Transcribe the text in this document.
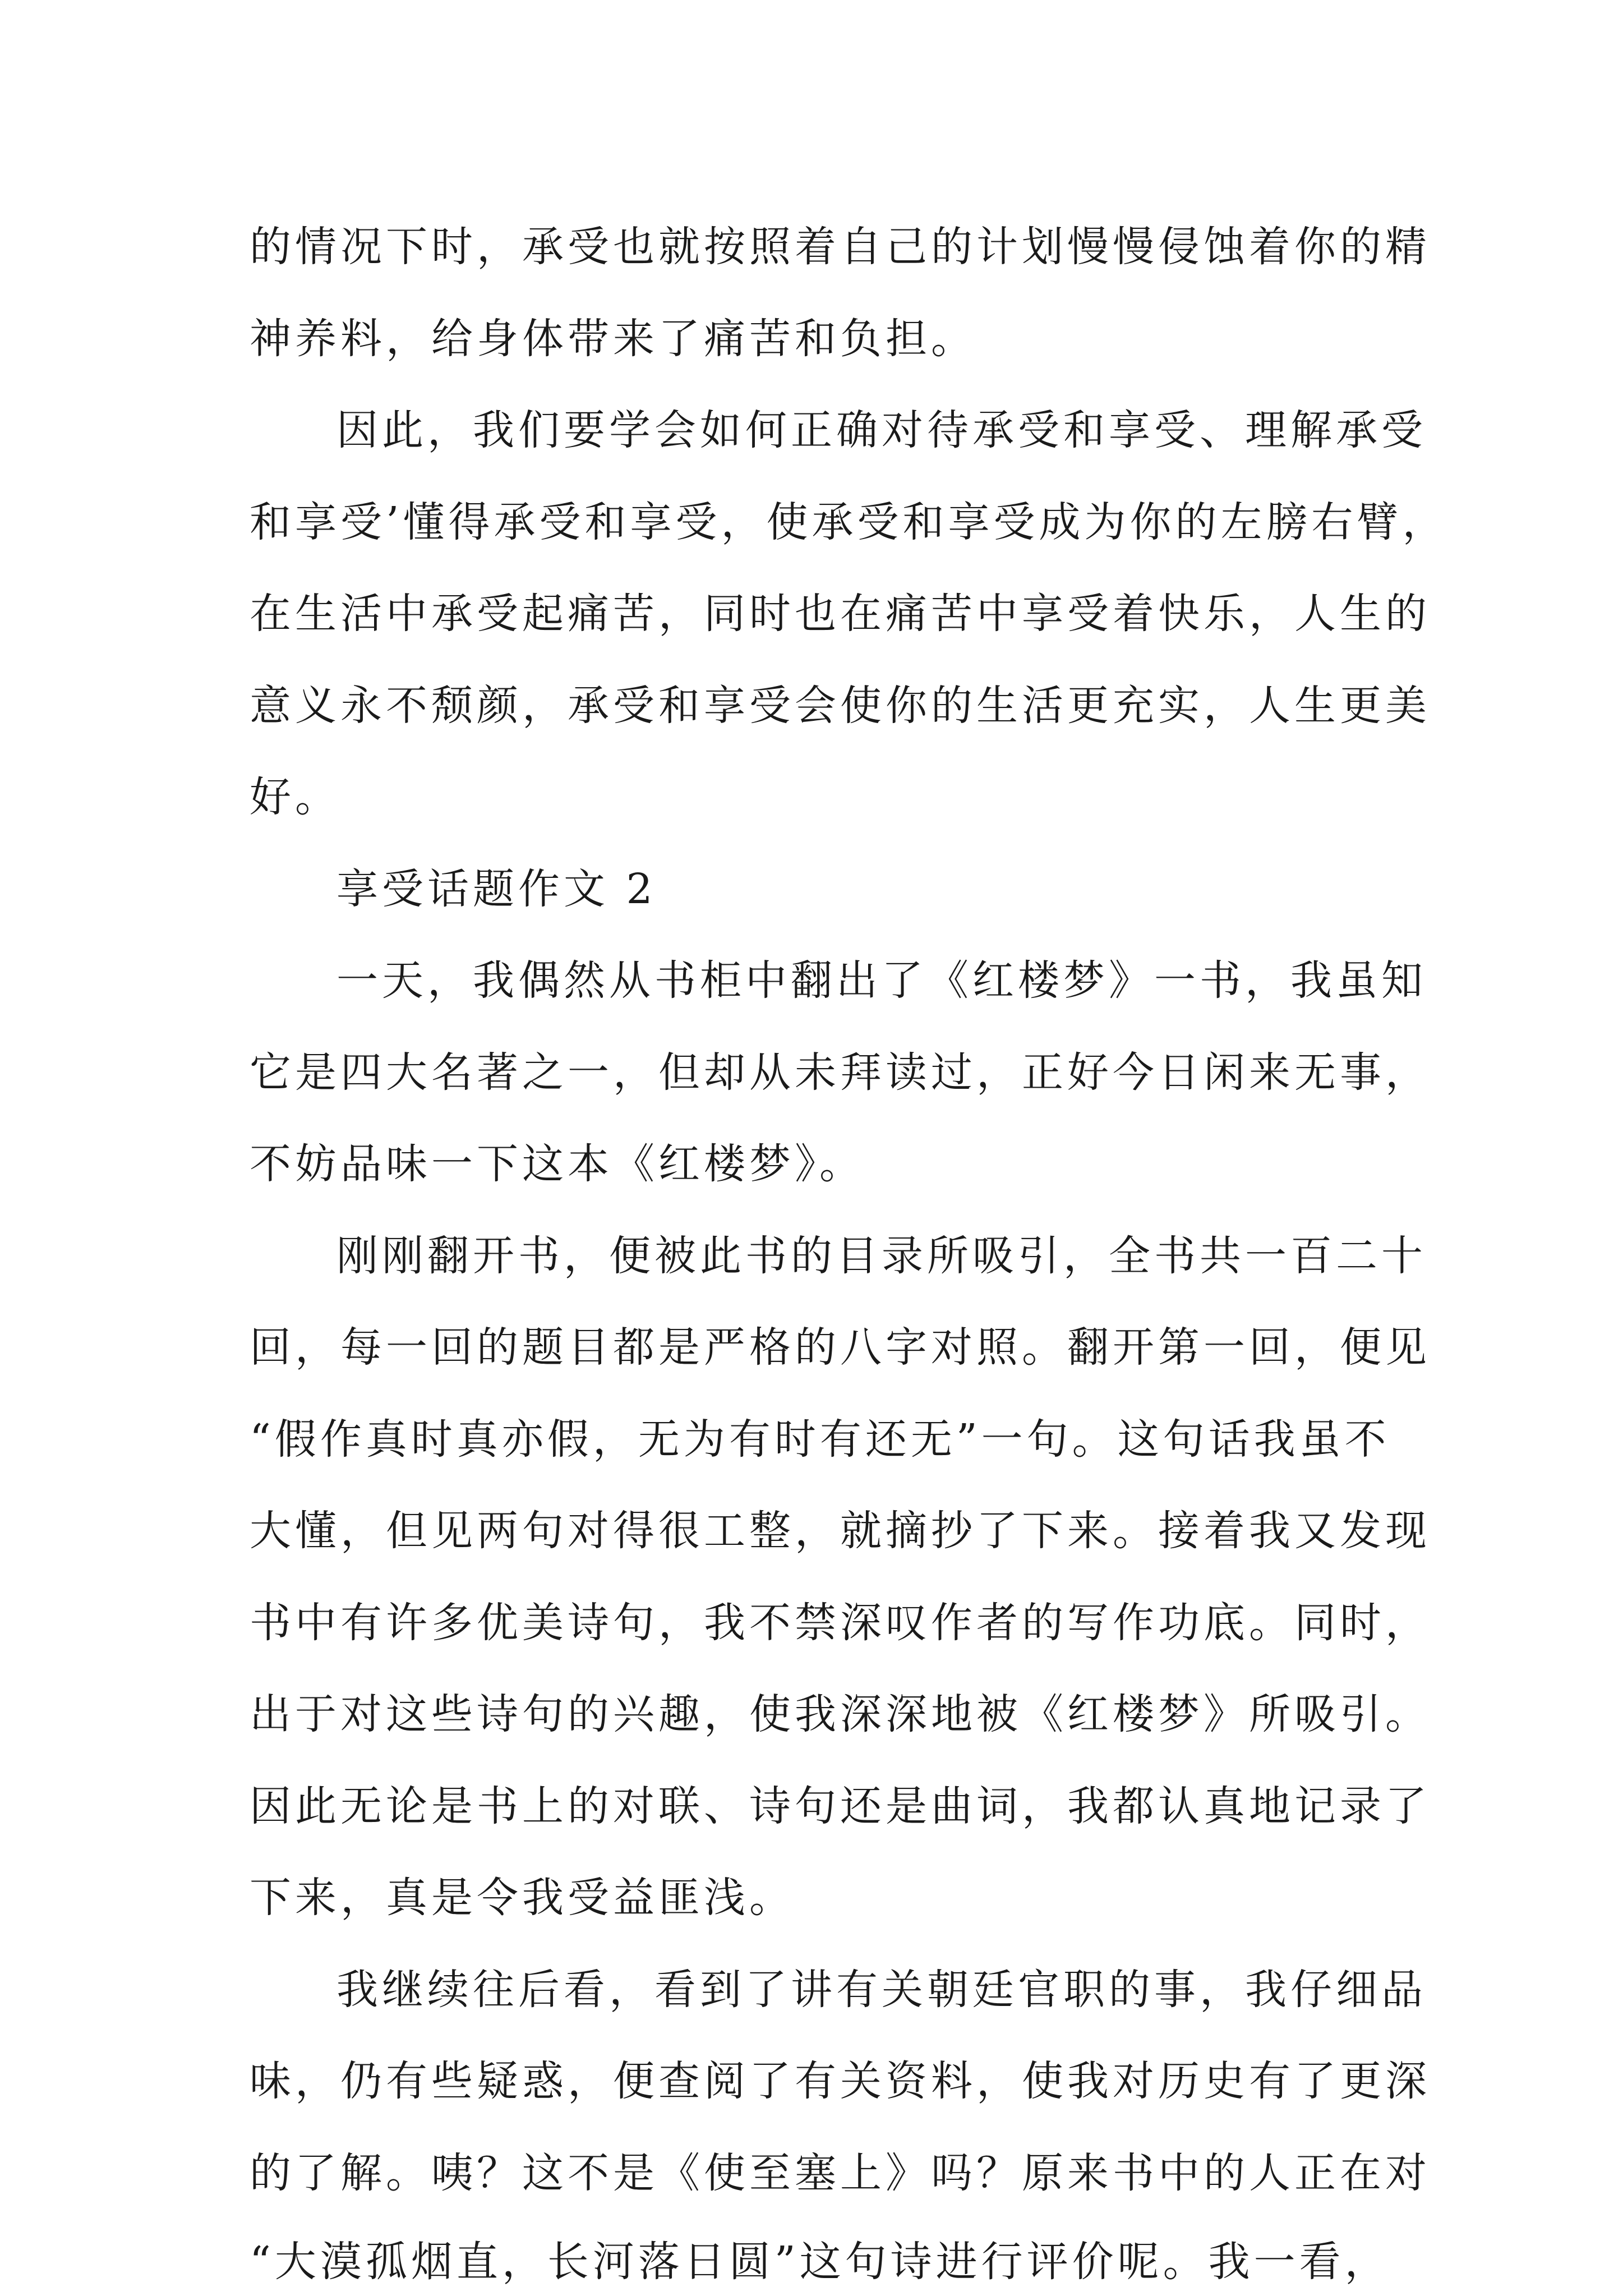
的情况下时，承受也就按照着自己的计划慢慢侵蚀着你的精
神养料，给身体带来了痛苦和负担。
因此，我们要学会如何正确对待承受和享受、理解承受
和享受’懂得承受和享受，使承受和享受成为你的左膀右臂，
在生活中承受起痛苦，同时也在痛苦中享受着快乐，人生的
意义永不颓颜，承受和享受会使你的生活更充实，人生更美
好。
享受话题作文 2
一天，我偶然从书柜中翻出了《红楼梦》一书，我虽知
它是四大名著之一，但却从未拜读过，正好今日闲来无事，
不妨品味一下这本《红楼梦》。
刚刚翻开书，便被此书的目录所吸引，全书共一百二十
回，每一回的题目都是严格的八字对照。翻开第一回，便见
“假作真时真亦假，无为有时有还无”一句。这句话我虽不
大懂，但见两句对得很工整，就摘抄了下来。接着我又发现
书中有许多优美诗句，我不禁深叹作者的写作功底。同时，
出于对这些诗句的兴趣，使我深深地被《红楼梦》所吸引。
因此无论是书上的对联、诗句还是曲词，我都认真地记录了
下来，真是令我受益匪浅。
我继续往后看，看到了讲有关朝廷官职的事，我仔细品
味，仍有些疑惑，便查阅了有关资料，使我对历史有了更深
的了解。咦？这不是《使至塞上》吗？原来书中的人正在对
“大漠孤烟直，长河落日圆”这句诗进行评价呢。我一看，
